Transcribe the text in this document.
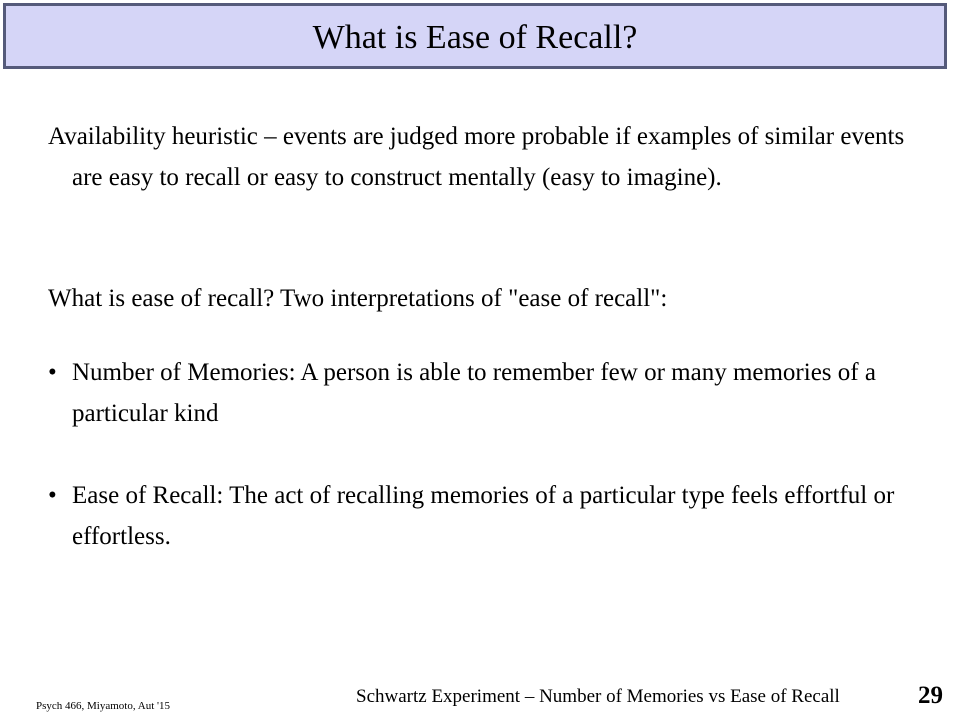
What is Ease of Recall?

Availability heuristic – events are judged more probable if examples of similar events are easy to recall or easy to construct mentally (easy to imagine).

What is ease of recall? Two interpretations of "ease of recall":

• Number of Memories: A person is able to remember few or many memories of a particular kind

• Ease of Recall: The act of recalling memories of a particular type feels effortful or effortless.

Psych 466, Miyamoto, Aut '15	Schwartz Experiment – Number of Memories vs Ease of Recall	29
